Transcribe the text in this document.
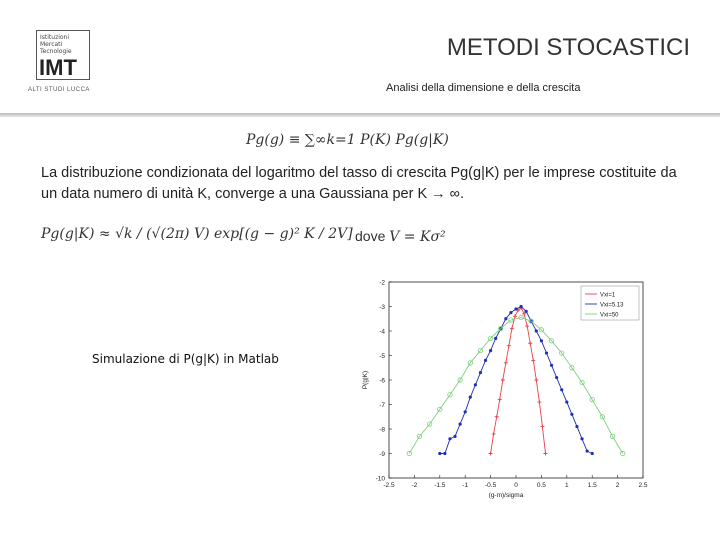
Istituzioni
Mercati
Tecnologie
IMT
ALTI STUDI LUCCA
METODI STOCASTICI
Analisi della dimensione e della crescita
Pg(g) ≡ ∑∞k=1 P(K) Pg(g|K)
La distribuzione condizionata del logaritmo del tasso di crescita Pg(g|K) per le imprese costituite da un data numero di unità K, converge a una Gaussiana per K → ∞.
Pg(g|K) ≈ √k / (√(2π) V) exp[(g − g)² K / 2V] dove V = Kσ²
Simulazione di P(g|K) in Matlab
-2.5	-2	-1.5	-1	-0.5	0	0.5	1	1.5	2	2.5
-2
-3
-4
-5
-6
-7
-8
-9
-10
(g-m)/sigma
P(g|K)
Vxi=1
Vxi=5.13
Vxi=50
